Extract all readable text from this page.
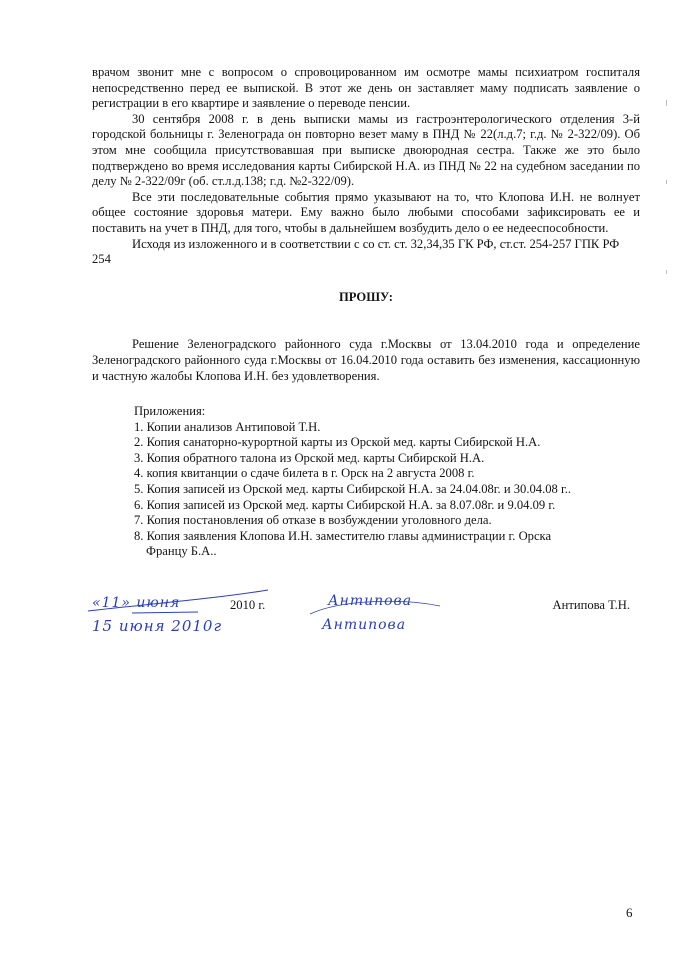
врачом звонит мне с вопросом о спровоцированном им осмотре мамы психиатром госпиталя непосредственно перед ее выпиской. В этот же день он заставляет маму подписать заявление о регистрации в его квартире и заявление о переводе пенсии.

30 сентября 2008 г. в день выписки мамы из гастроэнтерологического отделения 3-й городской больницы г. Зеленограда он повторно везет маму в ПНД № 22(л.д.7; г.д. № 2-322/09). Об этом мне сообщила присутствовавшая при выписке двоюродная сестра. Также же это было подтверждено во время исследования карты Сибирской Н.А. из ПНД № 22 на судебном заседании по делу № 2-322/09г (об. ст.л.д.138; г.д. №2-322/09).

Все эти последовательные события прямо указывают на то, что Клопова И.Н. не волнует общее состояние здоровья матери. Ему важно было любыми способами зафиксировать ее и поставить на учет в ПНД, для того, чтобы в дальнейшем возбудить дело о ее недееспособности.

Исходя из изложенного и в соответствии с со ст. ст. 32,34,35 ГК РФ, ст.ст. 254-257 ГПК РФ 254

ПРОШУ:

Решение Зеленоградского районного суда г.Москвы от 13.04.2010 года и определение Зеленоградского районного суда г.Москвы от 16.04.2010 года оставить без изменения, кассационную и частную жалобы Клопова И.Н. без удовлетворения.

Приложения:

1. Копии анализов Антиповой Т.Н.
2. Копия санаторно-курортной карты из Орской мед. карты Сибирской Н.А.
3. Копия обратного талона из Орской мед. карты Сибирской Н.А.
4. копия квитанции о сдаче билета в г. Орск на 2 августа 2008 г.
5. Копия записей из Орской мед. карты Сибирской Н.А. за 24.04.08г. и 30.04.08 г..
6. Копия записей из Орской мед. карты Сибирской Н.А. за 8.07.08г. и 9.04.09 г.
7. Копия постановления об отказе в возбуждении уголовного дела.
8. Копия заявления Клопова И.Н. заместителю главы администрации г. Орска
Францу Б.А..
2010 г.	Антипова Т.Н.
«11» июня
15 июня 2010г
Антипова
Антипова
6
